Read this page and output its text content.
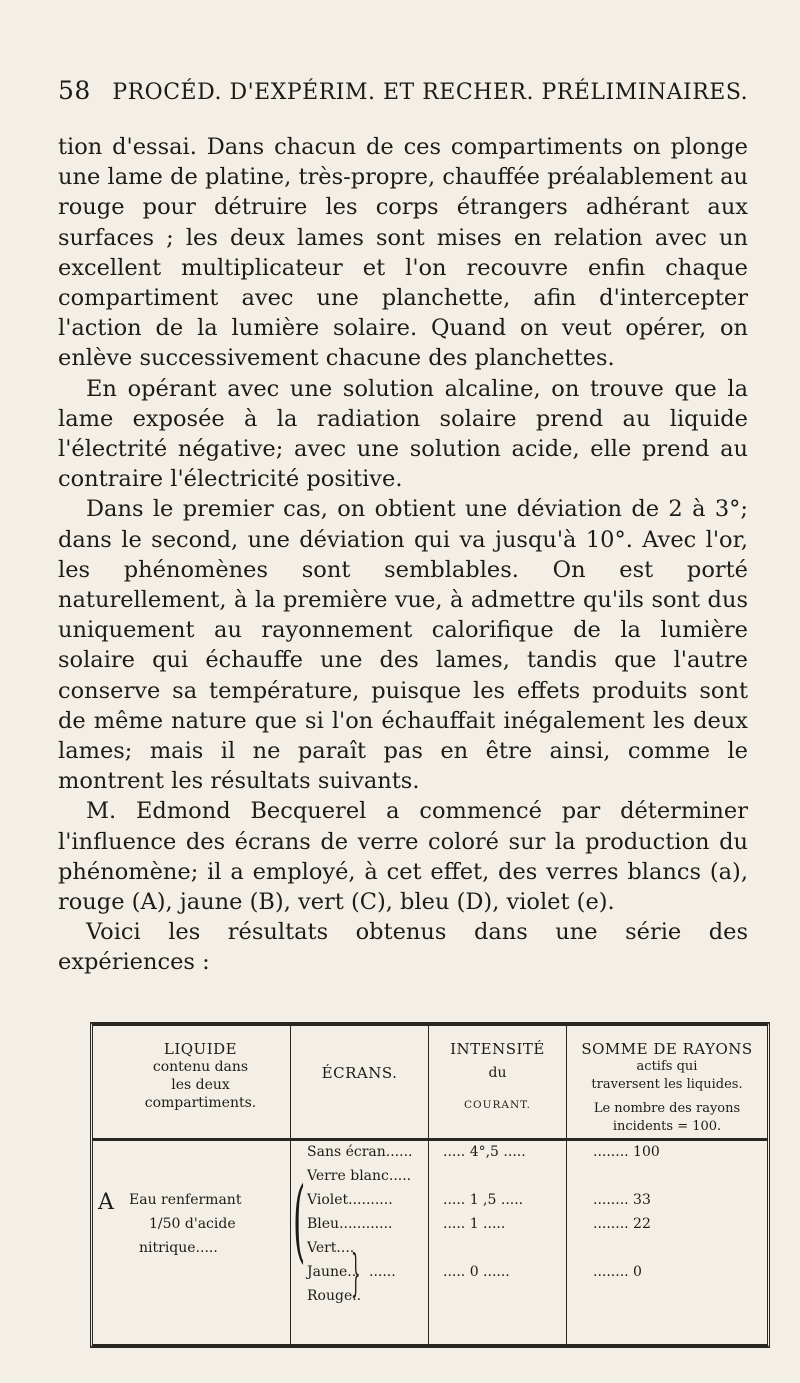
58 PROCÉD. D'EXPÉRIM. ET RECHER. PRÉLIMINAIRES.

tion d'essai. Dans chacun de ces compartiments on plonge une lame de platine, très-propre, chauffée préalablement au rouge pour détruire les corps étrangers adhérant aux surfaces ; les deux lames sont mises en relation avec un excellent multiplicateur et l'on recouvre enfin chaque compartiment avec une planchette, afin d'intercepter l'action de la lumière solaire. Quand on veut opérer, on enlève successivement chacune des planchettes.

En opérant avec une solution alcaline, on trouve que la lame exposée à la radiation solaire prend au liquide l'électrité négative; avec une solution acide, elle prend au contraire l'électricité positive.

Dans le premier cas, on obtient une déviation de 2 à 3°; dans le second, une déviation qui va jusqu'à 10°. Avec l'or, les phénomènes sont semblables. On est porté naturellement, à la première vue, à admettre qu'ils sont dus uniquement au rayonnement calorifique de la lumière solaire qui échauffe une des lames, tandis que l'autre conserve sa température, puisque les effets produits sont de même nature que si l'on échauffait inégalement les deux lames; mais il ne paraît pas en être ainsi, comme le montrent les résultats suivants.

M. Edmond Becquerel a commencé par déterminer l'influence des écrans de verre coloré sur la production du phénomène; il a employé, à cet effet, des verres blancs (a), rouge (A), jaune (B), vert (C), bleu (D), violet (e).

Voici les résultats obtenus dans une série des expériences :

LIQUIDE
contenu dans
les deux
compartiments.
ÉCRANS.
INTENSITÉ
du
COURANT.
SOMME DE RAYONS
actifs qui
traversent les liquides.
Le nombre des rayons
incidents = 100.
Eau renfermant
1/50 d'acide
nitrique.....
Sans écran......
Verre blanc.....
Violet..........
Bleu............
Vert....
Jaune..
Rouge..
......
( }
..... 4°,5 .....
..... 1 ,5 .....
..... 1 .....
..... 0 ......
........ 100
........ 33
........ 22
........ 0
A
